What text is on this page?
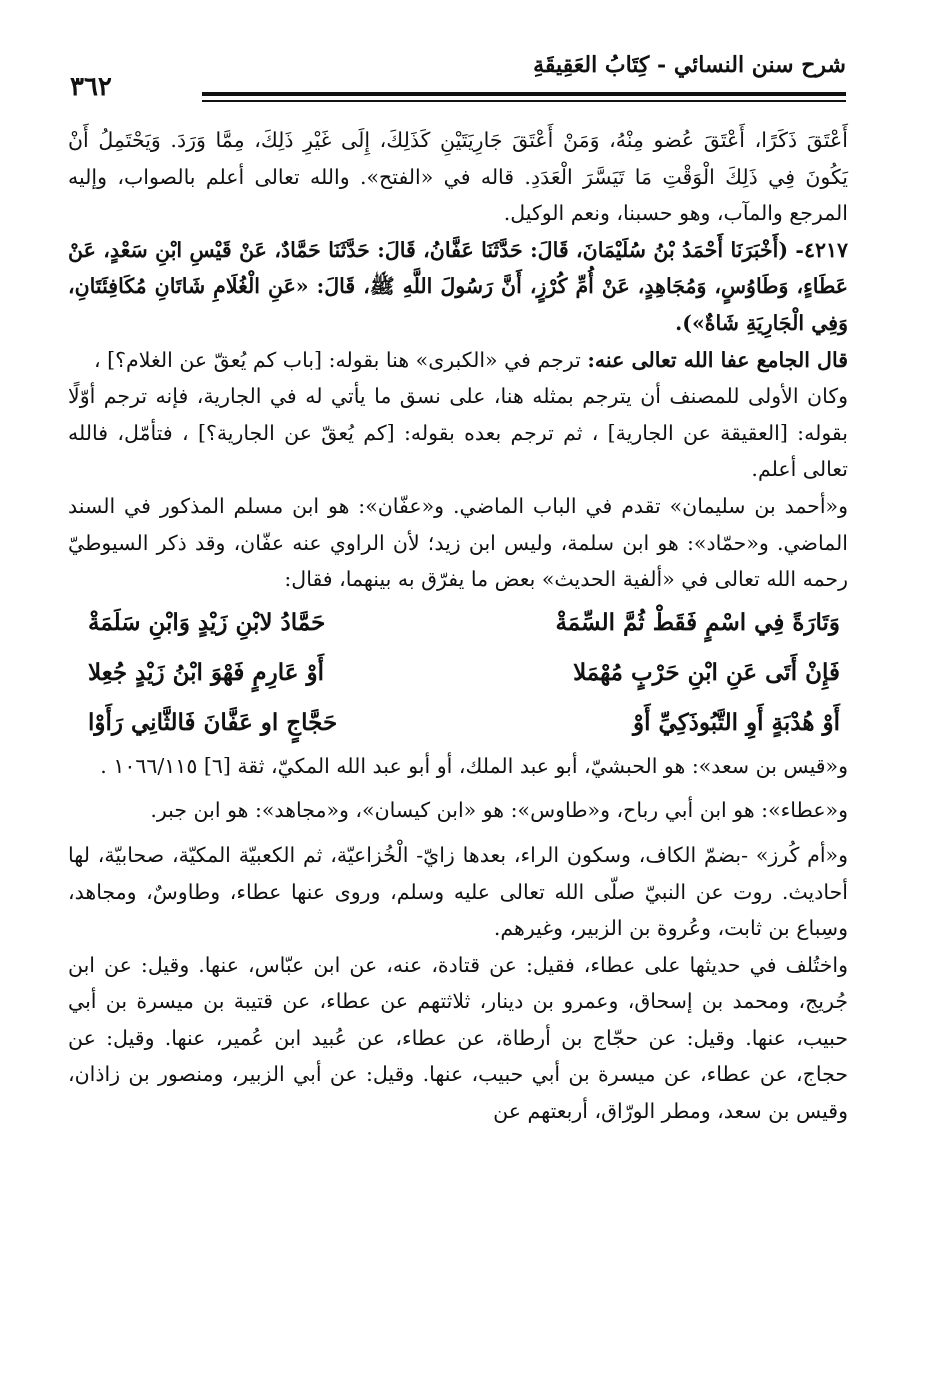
شرح سنن النسائي - كِتَابُ العَقِيقَةِ
٣٦٢

أَعْتَقَ ذَكَرًا، أَعْتَقَ عُضو مِنْهُ، وَمَنْ أَعْتَقَ جَارِيَتَيْنِ كَذَلِكَ، إِلَى غَيْرِ ذَلِكَ، مِمَّا وَرَدَ. وَيَحْتَمِلُ أَنْ يَكُونَ فِي ذَلِكَ الْوَقْتِ مَا تَيَسَّرَ الْعَدَدِ. قاله في «الفتح». والله تعالى أعلم بالصواب، وإليه المرجع والمآب، وهو حسبنا، ونعم الوكيل.

٤٢١٧- (أَخْبَرَنَا أَحْمَدُ بْنُ سُلَيْمَانَ، قَالَ: حَدَّثَنَا عَفَّانُ، قَالَ: حَدَّثَنَا حَمَّادٌ، عَنْ قَيْسِ ابْنِ سَعْدٍ، عَنْ عَطَاءٍ، وَطَاوُسٍ، وَمُجَاهِدٍ، عَنْ أُمِّ كُرْزٍ، أَنَّ رَسُولَ اللَّهِ ﷺ، قَالَ: «عَنِ الْغُلَامِ شَاتَانِ مُكَافِئَتَانِ، وَفِي الْجَارِيَةِ شَاةٌ»).

قال الجامع عفا الله تعالى عنه: ترجم في «الكبرى» هنا بقوله: [باب كم يُعقّ عن الغلام؟] ،

وكان الأولى للمصنف أن يترجم بمثله هنا، على نسق ما يأتي له في الجارية، فإنه ترجم أوّلًا بقوله: [العقيقة عن الجارية] ، ثم ترجم بعده بقوله: [كم يُعقّ عن الجارية؟] ، فتأمّل، فالله تعالى أعلم.

و«أحمد بن سليمان» تقدم في الباب الماضي. و«عفّان»: هو ابن مسلم المذكور في السند الماضي. و«حمّاد»: هو ابن سلمة، وليس ابن زيد؛ لأن الراوي عنه عفّان، وقد ذكر السيوطيّ رحمه الله تعالى في «ألفية الحديث» بعض ما يفرّق به بينهما، فقال:

وَتَارَةً فِي اسْمٍ فَقَطْ ثُمَّ السِّمَةْ
حَمَّادُ لابْنِ زَيْدٍ وَابْنِ سَلَمَةْ
فَإِنْ أَتَى عَنِ ابْنِ حَرْبٍ مُهْمَلا
أَوْ عَارِمٍ فَهْوَ ابْنُ زَيْدٍ جُعِلا
أَوْ هُدْبَةٍ أَوِ التَّبُوذَكِيِّ أَوْ
حَجَّاجٍ او عَفَّانَ فَالثَّانِي رَأَوْا

و«قيس بن سعد»: هو الحبشيّ، أبو عبد الملك، أو أبو عبد الله المكيّ، ثقة [٦] ١٠٦٦/١١٥ .

و«عطاء»: هو ابن أبي رباح، و«طاوس»: هو «ابن كيسان»، و«مجاهد»: هو ابن جبر.

و«أم كُرز» -بضمّ الكاف، وسكون الراء، بعدها زايّ- الْخُزاعيّة، ثم الكعبيّة المكيّة، صحابيّة، لها أحاديث. روت عن النبيّ صلّى الله تعالى عليه وسلم، وروى عنها عطاء، وطاوسٌ، ومجاهد، وسِباع بن ثابت، وعُروة بن الزبير، وغيرهم.

واختُلف في حديثها على عطاء، فقيل: عن قتادة، عنه، عن ابن عبّاس، عنها. وقيل: عن ابن جُريج، ومحمد بن إسحاق، وعمرو بن دينار، ثلاثتهم عن عطاء، عن قتيبة بن ميسرة بن أبي حبيب، عنها. وقيل: عن حجّاج بن أرطاة، عن عطاء، عن عُبيد ابن عُمير، عنها. وقيل: عن حجاج، عن عطاء، عن ميسرة بن أبي حبيب، عنها. وقيل: عن أبي الزبير، ومنصور بن زاذان، وقيس بن سعد، ومطر الورّاق، أربعتهم عن
